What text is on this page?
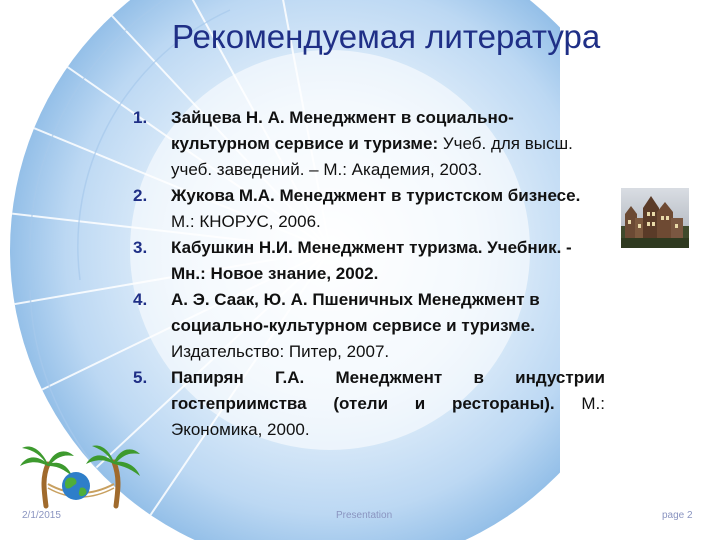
Рекомендуемая литература
1. Зайцева Н. А. Менеджмент в социально-культурном сервисе и туризме: Учеб. для высш. учеб. заведений. – М.: Академия, 2003.
2. Жукова М.А. Менеджмент в туристском бизнесе. М.: КНОРУС, 2006.
3. Кабушкин Н.И. Менеджмент туризма. Учебник. - Мн.: Новое знание, 2002.
4. А. Э. Саак, Ю. А. Пшеничных Менеджмент в социально-культурном сервисе и туризме. Издательство: Питер, 2007.
5. Папирян Г.А. Менеджмент в индустрии гостеприимства (отели и рестораны). М.: Экономика, 2000.
2/1/2015	Presentation	page 2
